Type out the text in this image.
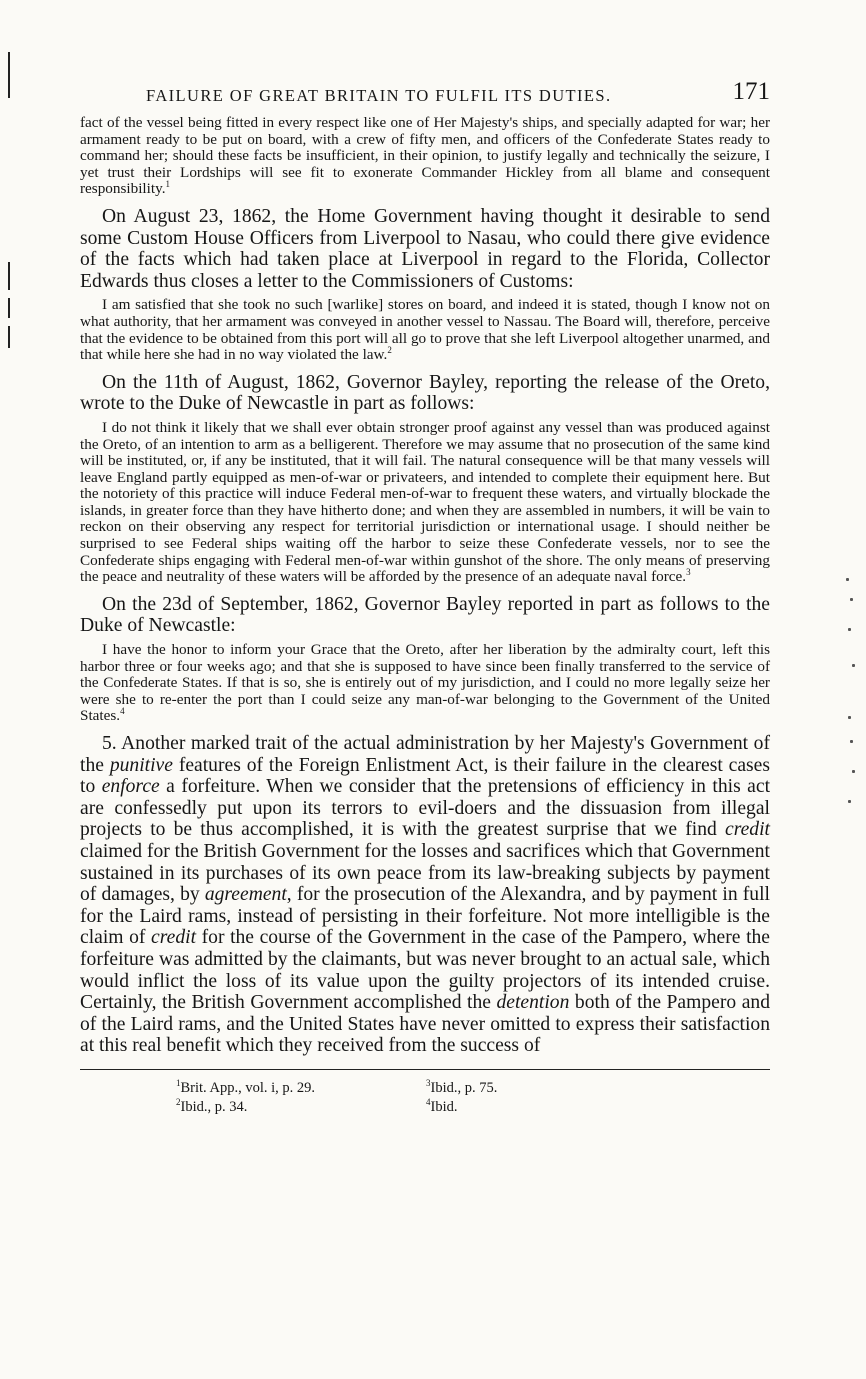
FAILURE OF GREAT BRITAIN TO FULFIL ITS DUTIES.	171

fact of the vessel being fitted in every respect like one of Her Majesty's ships, and specially adapted for war; her armament ready to be put on board, with a crew of fifty men, and officers of the Confederate States ready to command her; should these facts be insufficient, in their opinion, to justify legally and technically the seizure, I yet trust their Lordships will see fit to exonerate Commander Hickley from all blame and consequent responsibility.$^1$

On August 23, 1862, the Home Government having thought it desirable to send some Custom House Officers from Liverpool to Nasau, who could there give evidence of the facts which had taken place at Liverpool in regard to the Florida, Collector Edwards thus closes a letter to the Commissioners of Customs:

I am satisfied that she took no such [warlike] stores on board, and indeed it is stated, though I know not on what authority, that her armament was conveyed in another vessel to Nassau. The Board will, therefore, perceive that the evidence to be obtained from this port will all go to prove that she left Liverpool altogether unarmed, and that while here she had in no way violated the law.$^2$

On the 11th of August, 1862, Governor Bayley, reporting the release of the Oreto, wrote to the Duke of Newcastle in part as follows:

I do not think it likely that we shall ever obtain stronger proof against any vessel than was produced against the Oreto, of an intention to arm as a belligerent. Therefore we may assume that no prosecution of the same kind will be instituted, or, if any be instituted, that it will fail. The natural consequence will be that many vessels will leave England partly equipped as men-of-war or privateers, and intended to complete their equipment here. But the notoriety of this practice will induce Federal men-of-war to frequent these waters, and virtually blockade the islands, in greater force than they have hitherto done; and when they are assembled in numbers, it will be vain to reckon on their observing any respect for territorial jurisdiction or international usage. I should neither be surprised to see Federal ships waiting off the harbor to seize these Confederate vessels, nor to see the Confederate ships engaging with Federal men-of-war within gunshot of the shore. The only means of preserving the peace and neutrality of these waters will be afforded by the presence of an adequate naval force.$^3$

On the 23d of September, 1862, Governor Bayley reported in part as follows to the Duke of Newcastle:

I have the honor to inform your Grace that the Oreto, after her liberation by the admiralty court, left this harbor three or four weeks ago; and that she is supposed to have since been finally transferred to the service of the Confederate States. If that is so, she is entirely out of my jurisdiction, and I could no more legally seize her were she to re-enter the port than I could seize any man-of-war belonging to the Government of the United States.$^4$

5. Another marked trait of the actual administration by her Majesty's Government of the punitive features of the Foreign Enlistment Act, is their failure in the clearest cases to enforce a forfeiture. When we consider that the pretensions of efficiency in this act are confessedly put upon its terrors to evil-doers and the dissuasion from illegal projects to be thus accomplished, it is with the greatest surprise that we find credit claimed for the British Government for the losses and sacrifices which that Government sustained in its purchases of its own peace from its law-breaking subjects by payment of damages, by agreement, for the prosecution of the Alexandra, and by payment in full for the Laird rams, instead of persisting in their forfeiture. Not more intelligible is the claim of credit for the course of the Government in the case of the Pampero, where the forfeiture was admitted by the claimants, but was never brought to an actual sale, which would inflict the loss of its value upon the guilty projectors of its intended cruise. Certainly, the British Government accomplished the detention both of the Pampero and of the Laird rams, and the United States have never omitted to express their satisfaction at this real benefit which they received from the success of

$^1$Brit. App., vol. i, p. 29.
$^2$Ibid., p. 34.
$^3$Ibid., p. 75.
$^4$Ibid.
